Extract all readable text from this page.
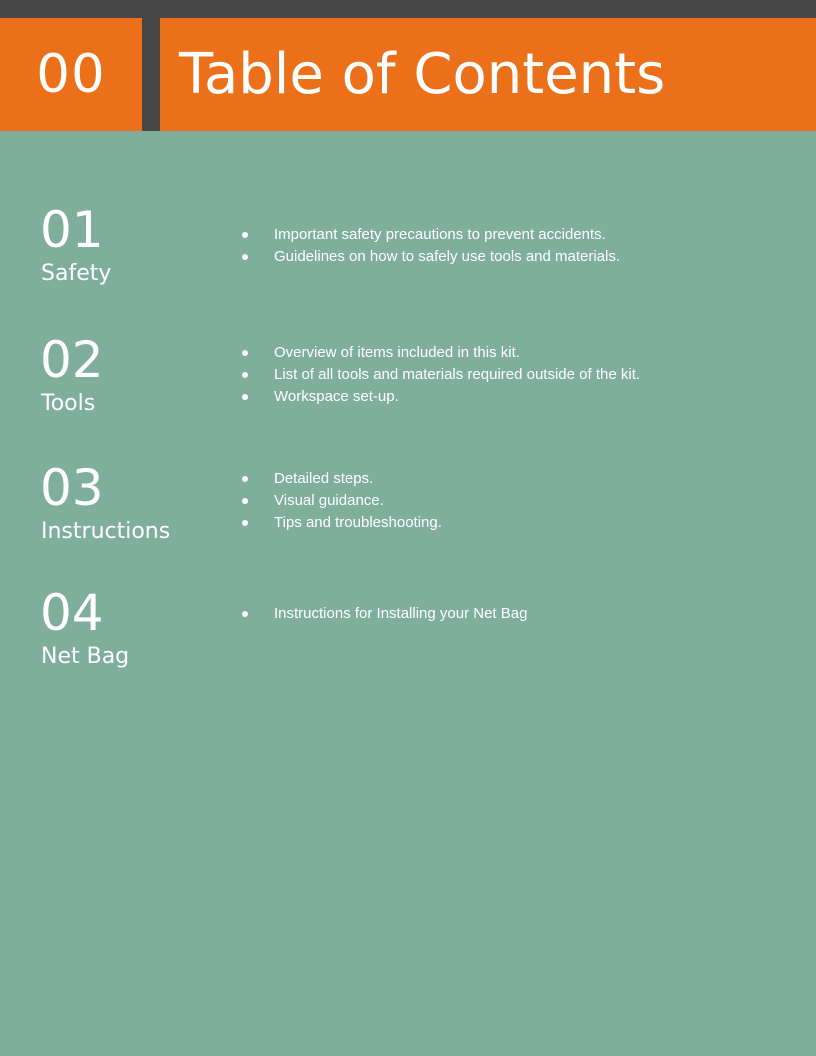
00 Table of Contents
01
Safety
Important safety precautions to prevent accidents.
Guidelines on how to safely use tools and materials.
02
Tools
Overview of items included in this kit.
List of all tools and materials required outside of the kit.
Workspace set-up.
03
Instructions
Detailed steps.
Visual guidance.
Tips and troubleshooting.
04
Net Bag
Instructions for Installing your Net Bag
